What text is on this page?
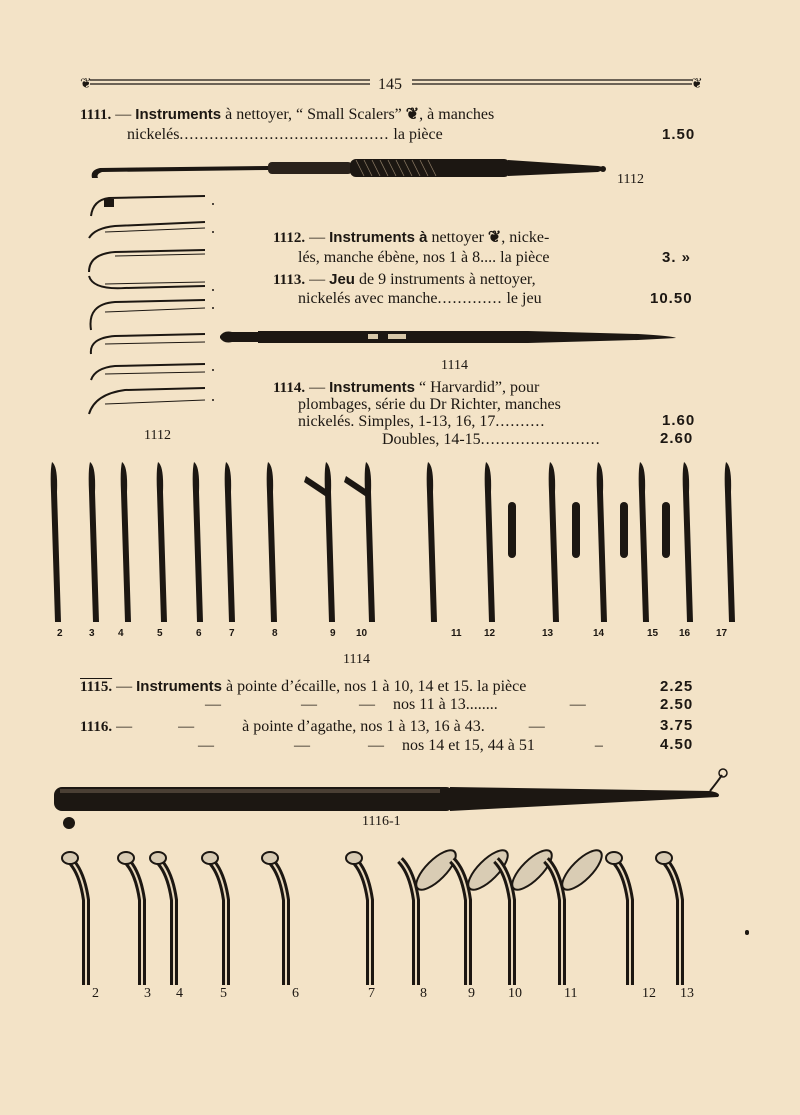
❦	145	❦
1111. — Instruments à nettoyer, “ Small Scalers” ❦, à manches
nickelés.......................................... la pièce	1.50
1112
1112
1112. — Instruments à nettoyer ❦, nicke-
lés, manche ébène, nos 1 à 8.... la pièce	3. »
1113. — Jeu de 9 instruments à nettoyer,
nickelés avec manche............. le jeu	10.50
1114
1114. — Instruments “ Harvardid”, pour
plombages, série du Dr Richter, manches
nickelés. Simples, 1-13, 16, 17..........	1.60
Doubles, 14-15........................	2.60
2	3 4	5	6	7	8	9 10	11 12	13	14	15 16	17
1114
1115. — Instruments à pointe d’écaille, nos 1 à 10, 14 et 15. la pièce	2.25
—	—	— nos 11 à 13........	—	2.50
1116. —	—	à pointe d’agathe, nos 1 à 13, 16 à 43.	—	3.75
—	—	— nos 14 et 15, 44 à 51	–	4.50
1116-1
2	3 4	5	6	7	8	9 10	11	12 13
